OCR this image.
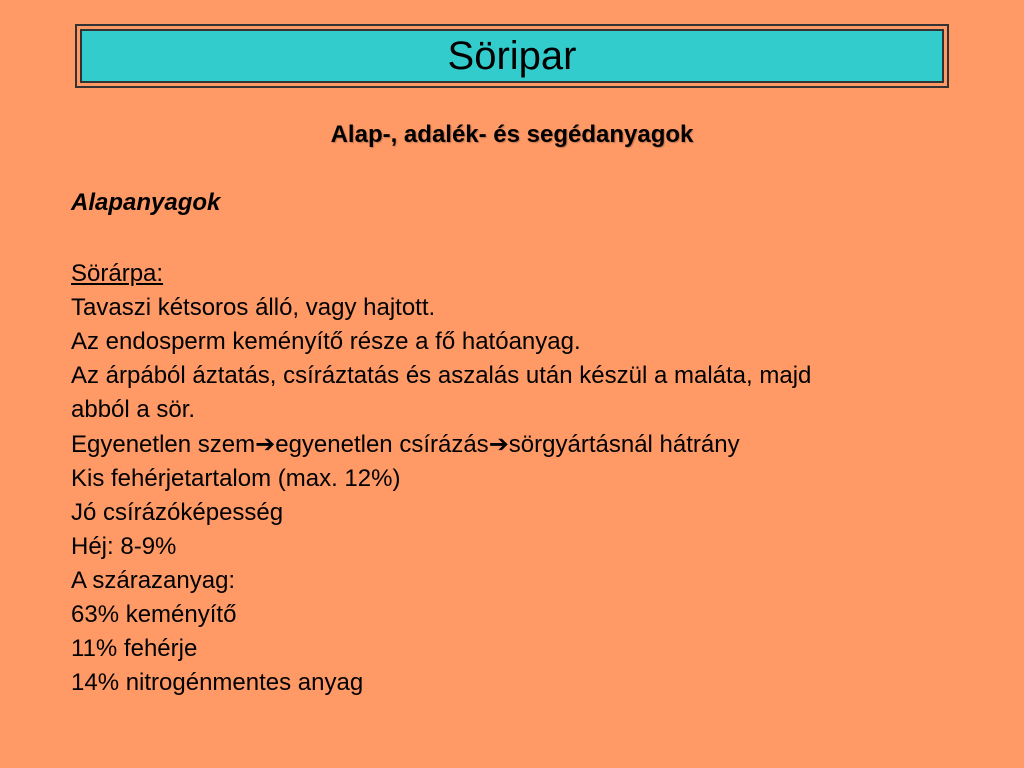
Söripar
Alap-, adalék- és segédanyagok
Alapanyagok
Sörárpa:
Tavaszi kétsoros álló, vagy hajtott.
Az endosperm keményítő része a fő hatóanyag.
Az árpából áztatás, csíráztatás és aszalás után készül a maláta, majd
abból a sör.
Egyenetlen szem➔egyenetlen csírázás➔sörgyártásnál hátrány
Kis fehérjetartalom (max. 12%)
Jó csírázóképesség
Héj: 8-9%
A szárazanyag:
63% keményítő
11% fehérje
14% nitrogénmentes anyag
